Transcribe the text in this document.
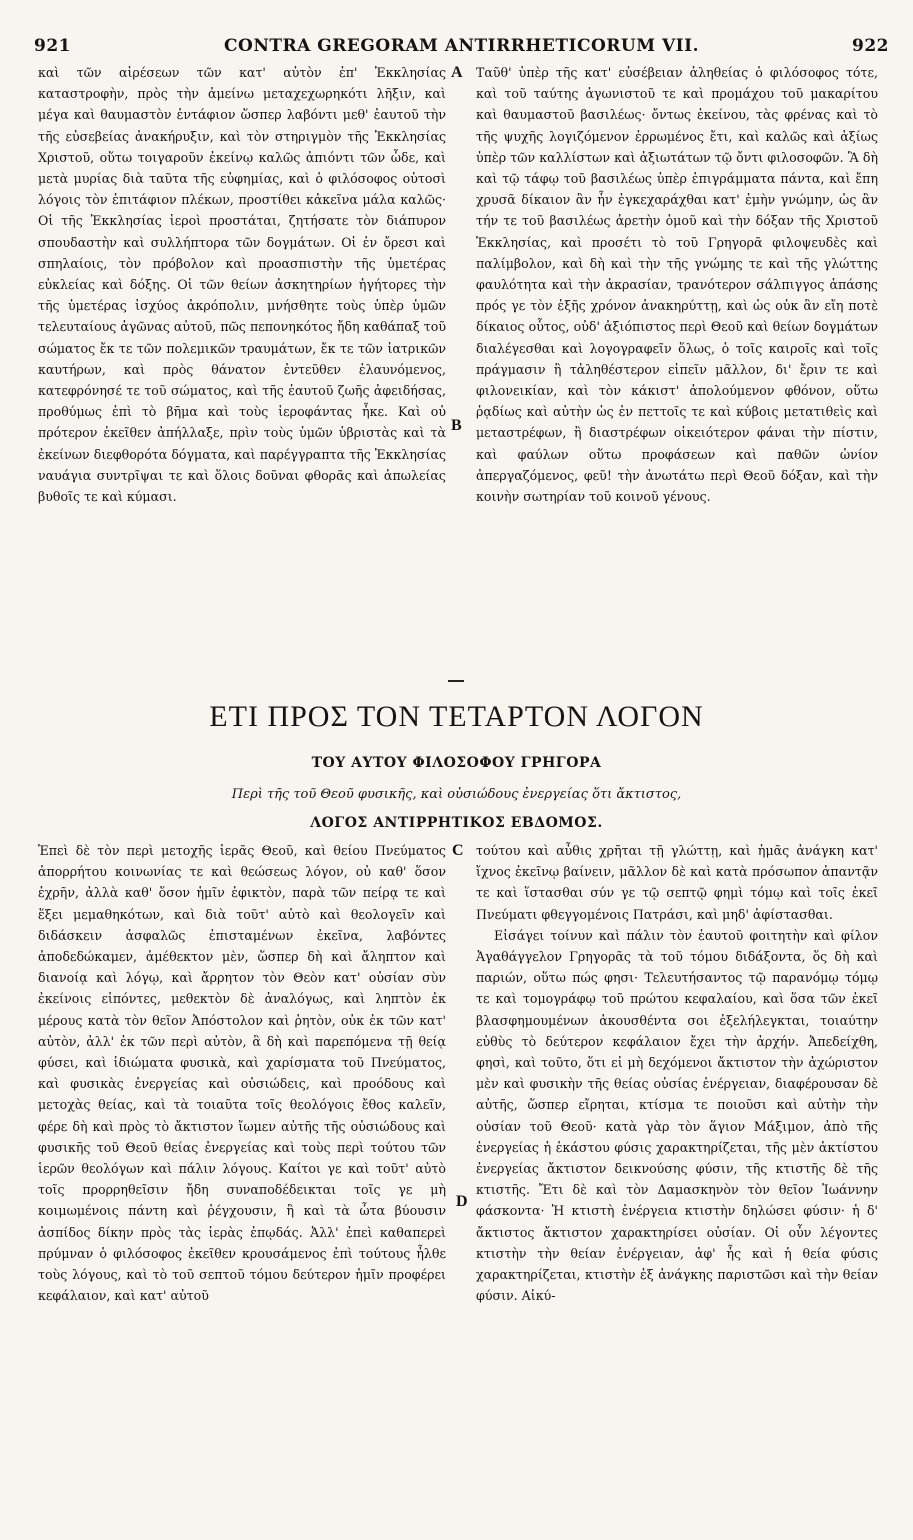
921	CONTRA GREGORAM ANTIRRHETICORUM VII.	922

καὶ τῶν αἱρέσεων τῶν κατ' αὐτὸν ἐπ' Ἐκκλησίας καταστροφὴν, πρὸς τὴν ἀμείνω μεταχεχωρηκότι λῆξιν, καὶ μέγα καὶ θαυμαστὸν ἐντάφιον ὥσπερ λαβόντι μεθ' ἑαυτοῦ τὴν τῆς εὐσεβείας ἀνακήρυξιν, καὶ τὸν στηριγμὸν τῆς Ἐκκλησίας Χριστοῦ, οὕτω τοιγαροῦν ἐκείνῳ καλῶς ἀπιόντι τῶν ὧδε, καὶ μετὰ μυρίας διὰ ταῦτα τῆς εὐφημίας, καὶ ὁ φιλόσοφος οὑτοσὶ λόγοις τὸν ἐπιτάφιον πλέκων, προστίθει κἀκεῖνα μάλα καλῶς· Οἱ τῆς Ἐκκλησίας ἱεροὶ προστάται, ζητήσατε τὸν διάπυρον σπουδαστὴν καὶ συλλήπτορα τῶν δογμάτων. Οἱ ἐν ὄρεσι καὶ σπηλαίοις, τὸν πρόβολον καὶ προασπιστὴν τῆς ὑμετέρας εὐκλείας καὶ δόξης. Οἱ τῶν θείων ἀσκητηρίων ἡγήτορες τὴν τῆς ὑμετέρας ἰσχύος ἀκρόπολιν, μνήσθητε τοὺς ὑπὲρ ὑμῶν τελευταίους ἀγῶνας αὐτοῦ, πῶς πεπονηκότος ἤδη καθάπαξ τοῦ σώματος ἔκ τε τῶν πολεμικῶν τραυμάτων, ἔκ τε τῶν ἰατρικῶν καυτήρων, καὶ πρὸς θάνατον ἐντεῦθεν ἐλαυνόμενος, κατεφρόνησέ τε τοῦ σώματος, καὶ τῆς ἑαυτοῦ ζωῆς ἀφειδήσας, προθύμως ἐπὶ τὸ βῆμα καὶ τοὺς ἱεροφάντας ἧκε. Καὶ οὐ πρότερον ἐκεῖθεν ἀπήλλαξε, πρὶν τοὺς ὑμῶν ὑβριστὰς καὶ τὰ ἐκείνων διεφθορότα δόγματα, καὶ παρέγγραπτα τῆς Ἐκκλησίας ναυάγια συντρῖψαι τε καὶ ὅλοις δοῦναι φθορᾶς καὶ ἀπωλείας βυθοῖς τε καὶ κύμασι.

Ταῦθ' ὑπὲρ τῆς κατ' εὐσέβειαν ἀληθείας ὁ φιλόσοφος τότε, καὶ τοῦ ταύτης ἀγωνιστοῦ τε καὶ προμάχου τοῦ μακαρίτου καὶ θαυμαστοῦ βασιλέως· ὄντως ἐκείνου, τὰς φρένας καὶ τὸ τῆς ψυχῆς λογιζόμενον ἐρρωμένος ἔτι, καὶ καλῶς καὶ ἀξίως ὑπὲρ τῶν καλλίστων καὶ ἀξιωτάτων τῷ ὄντι φιλοσοφῶν. Ἃ δὴ καὶ τῷ τάφῳ τοῦ βασιλέως ὑπὲρ ἐπιγράμματα πάντα, καὶ ἔπη χρυσᾶ δίκαιον ἂν ἦν ἐγκεχαράχθαι κατ' ἐμὴν γνώμην, ὡς ἂν τήν τε τοῦ βασιλέως ἀρετὴν ὁμοῦ καὶ τὴν δόξαν τῆς Χριστοῦ Ἐκκλησίας, καὶ προσέτι τὸ τοῦ Γρηγορᾶ φιλοψευδὲς καὶ παλίμβολον, καὶ δὴ καὶ τὴν τῆς γνώμης τε καὶ τῆς γλώττης φαυλότητα καὶ τὴν ἀκρασίαν, τρανότερον σάλπιγγος ἁπάσης πρός γε τὸν ἑξῆς χρόνον ἀνακηρύττῃ, καὶ ὡς οὐκ ἂν εἴη ποτὲ δίκαιος οὗτος, οὐδ' ἀξιόπιστος περὶ Θεοῦ καὶ θείων δογμάτων διαλέγεσθαι καὶ λογογραφεῖν ὅλως, ὁ τοῖς καιροῖς καὶ τοῖς πράγμασιν ἢ τἀληθέστερον εἰπεῖν μᾶλλον, δι' ἔριν τε καὶ φιλονεικίαν, καὶ τὸν κάκιστ' ἀπολούμενον φθόνον, οὕτω ῥᾳδίως καὶ αὐτὴν ὡς ἐν πεττοῖς τε καὶ κύβοις μετατιθεὶς καὶ μεταστρέφων, ἢ διαστρέφων οἰκειότερον φάναι τὴν πίστιν, καὶ φαύλων οὕτω προφάσεων καὶ παθῶν ὠνίον ἀπεργαζόμενος, φεῦ! τὴν ἀνωτάτω περὶ Θεοῦ δόξαν, καὶ τὴν κοινὴν σωτηρίαν τοῦ κοινοῦ γένους.

A
B
ΕΤΙ ΠΡΟΣ ΤΟΝ ΤΕΤΑΡΤΟΝ ΛΟΓΟΝ
ΤΟΥ ΑΥΤΟΥ ΦΙΛΟΣΟΦΟΥ ΓΡΗΓΟΡΑ
Περὶ τῆς τοῦ Θεοῦ φυσικῆς, καὶ οὐσιώδους ἐνεργείας ὅτι ἄκτιστος,
ΛΟΓΟΣ ΑΝΤΙΡΡΗΤΙΚΟΣ ΕΒΔΟΜΟΣ.

Ἐπεὶ δὲ τὸν περὶ μετοχῆς ἱερᾶς Θεοῦ, καὶ θείου Πνεύματος ἀπορρήτου κοινωνίας τε καὶ θεώσεως λόγον, οὐ καθ' ὅσον ἐχρῆν, ἀλλὰ καθ' ὅσον ἡμῖν ἐφικτὸν, παρὰ τῶν πείρᾳ τε καὶ ἕξει μεμαθηκότων, καὶ διὰ τοῦτ' αὐτὸ καὶ θεολογεῖν καὶ διδάσκειν ἀσφαλῶς ἐπισταμένων ἐκεῖνα, λαβόντες ἀποδεδώκαμεν, ἀμέθεκτον μὲν, ὥσπερ δὴ καὶ ἄληπτον καὶ διανοίᾳ καὶ λόγῳ, καὶ ἄρρητον τὸν Θεὸν κατ' οὐσίαν σὺν ἐκείνοις εἰπόντες, μεθεκτὸν δὲ ἀναλόγως, καὶ ληπτὸν ἐκ μέρους κατὰ τὸν θεῖον Ἀπόστολον καὶ ῥητὸν, οὐκ ἐκ τῶν κατ' αὐτὸν, ἀλλ' ἐκ τῶν περὶ αὐτὸν, ἃ δὴ καὶ παρεπόμενα τῇ θείᾳ φύσει, καὶ ἰδιώματα φυσικὰ, καὶ χαρίσματα τοῦ Πνεύματος, καὶ φυσικὰς ἐνεργείας καὶ οὐσιώδεις, καὶ προόδους καὶ μετοχὰς θείας, καὶ τὰ τοιαῦτα τοῖς θεολόγοις ἔθος καλεῖν, φέρε δὴ καὶ πρὸς τὸ ἄκτιστον ἴωμεν αὐτῆς τῆς οὐσιώδους καὶ φυσικῆς τοῦ Θεοῦ θείας ἐνεργείας καὶ τοὺς περὶ τούτου τῶν ἱερῶν θεολόγων καὶ πάλιν λόγους. Καίτοι γε καὶ τοῦτ' αὐτὸ τοῖς προρρηθεῖσιν ἤδη συναποδέδεικται τοῖς γε μὴ κοιμωμένοις πάντη καὶ ῥέγχουσιν, ἢ καὶ τὰ ὦτα βύουσιν ἀσπίδος δίκην πρὸς τὰς ἱερὰς ἐπῳδάς. Ἀλλ' ἐπεὶ καθαπερεὶ πρύμναν ὁ φιλόσοφος ἐκεῖθεν κρουσάμενος ἐπὶ τούτους ἦλθε τοὺς λόγους, καὶ τὸ τοῦ σεπτοῦ τόμου δεύτερον ἡμῖν προφέρει κεφάλαιον, καὶ κατ' αὐτοῦ

τούτου καὶ αὖθις χρῆται τῇ γλώττῃ, καὶ ἡμᾶς ἀνάγκη κατ' ἴχνος ἐκεῖνῳ βαίνειν, μᾶλλον δὲ καὶ κατὰ πρόσωπον ἀπαντᾷν τε καὶ ἵστασθαι σύν γε τῷ σεπτῷ φημὶ τόμῳ καὶ τοῖς ἐκεῖ Πνεύματι φθεγγομένοις Πατράσι, καὶ μηδ' ἀφίστασθαι.

Εἰσάγει τοίνυν καὶ πάλιν τὸν ἑαυτοῦ φοιτητὴν καὶ φίλον Ἀγαθάγγελον Γρηγορᾶς τὰ τοῦ τόμου διδάξοντα, ὅς δὴ καὶ παριών, οὕτω πώς φησι· Τελευτήσαντος τῷ παρανόμῳ τόμῳ τε καὶ τομογράφῳ τοῦ πρώτου κεφαλαίου, καὶ ὅσα τῶν ἐκεῖ βλασφημουμένων ἀκουσθέντα σοι ἐξελήλεγκται, τοιαύτην εὐθὺς τὸ δεύτερον κεφάλαιον ἔχει τὴν ἀρχήν. Ἀπεδείχθη, φησὶ, καὶ τοῦτο, ὅτι εἰ μὴ δεχόμενοι ἄκτιστον τὴν ἀχώριστον μὲν καὶ φυσικὴν τῆς θείας οὐσίας ἐνέργειαν, διαφέρουσαν δὲ αὐτῆς, ὥσπερ εἴρηται, κτίσμα τε ποιοῦσι καὶ αὐτὴν τὴν οὐσίαν τοῦ Θεοῦ· κατὰ γὰρ τὸν ἅγιον Μάξιμον, ἀπὸ τῆς ἐνεργείας ἡ ἑκάστου φύσις χαρακτηρίζεται, τῆς μὲν ἀκτίστου ἐνεργείας ἄκτιστον δεικνούσης φύσιν, τῆς κτιστῆς δὲ τῆς κτιστῆς. Ἔτι δὲ καὶ τὸν Δαμασκηνὸν τὸν θεῖον Ἰωάννην φάσκοντα· Ἡ κτιστὴ ἐνέργεια κτιστὴν δηλώσει φύσιν· ἡ δ' ἄκτιστος ἄκτιστον χαρακτηρίσει οὐσίαν. Οἱ οὖν λέγοντες κτιστὴν τὴν θείαν ἐνέργειαν, ἀφ' ἧς καὶ ἡ θεία φύσις χαρακτηρίζεται, κτιστὴν ἐξ ἀνάγκης παριστῶσι καὶ τὴν θείαν φύσιν. Αἰκύ-

C
D
